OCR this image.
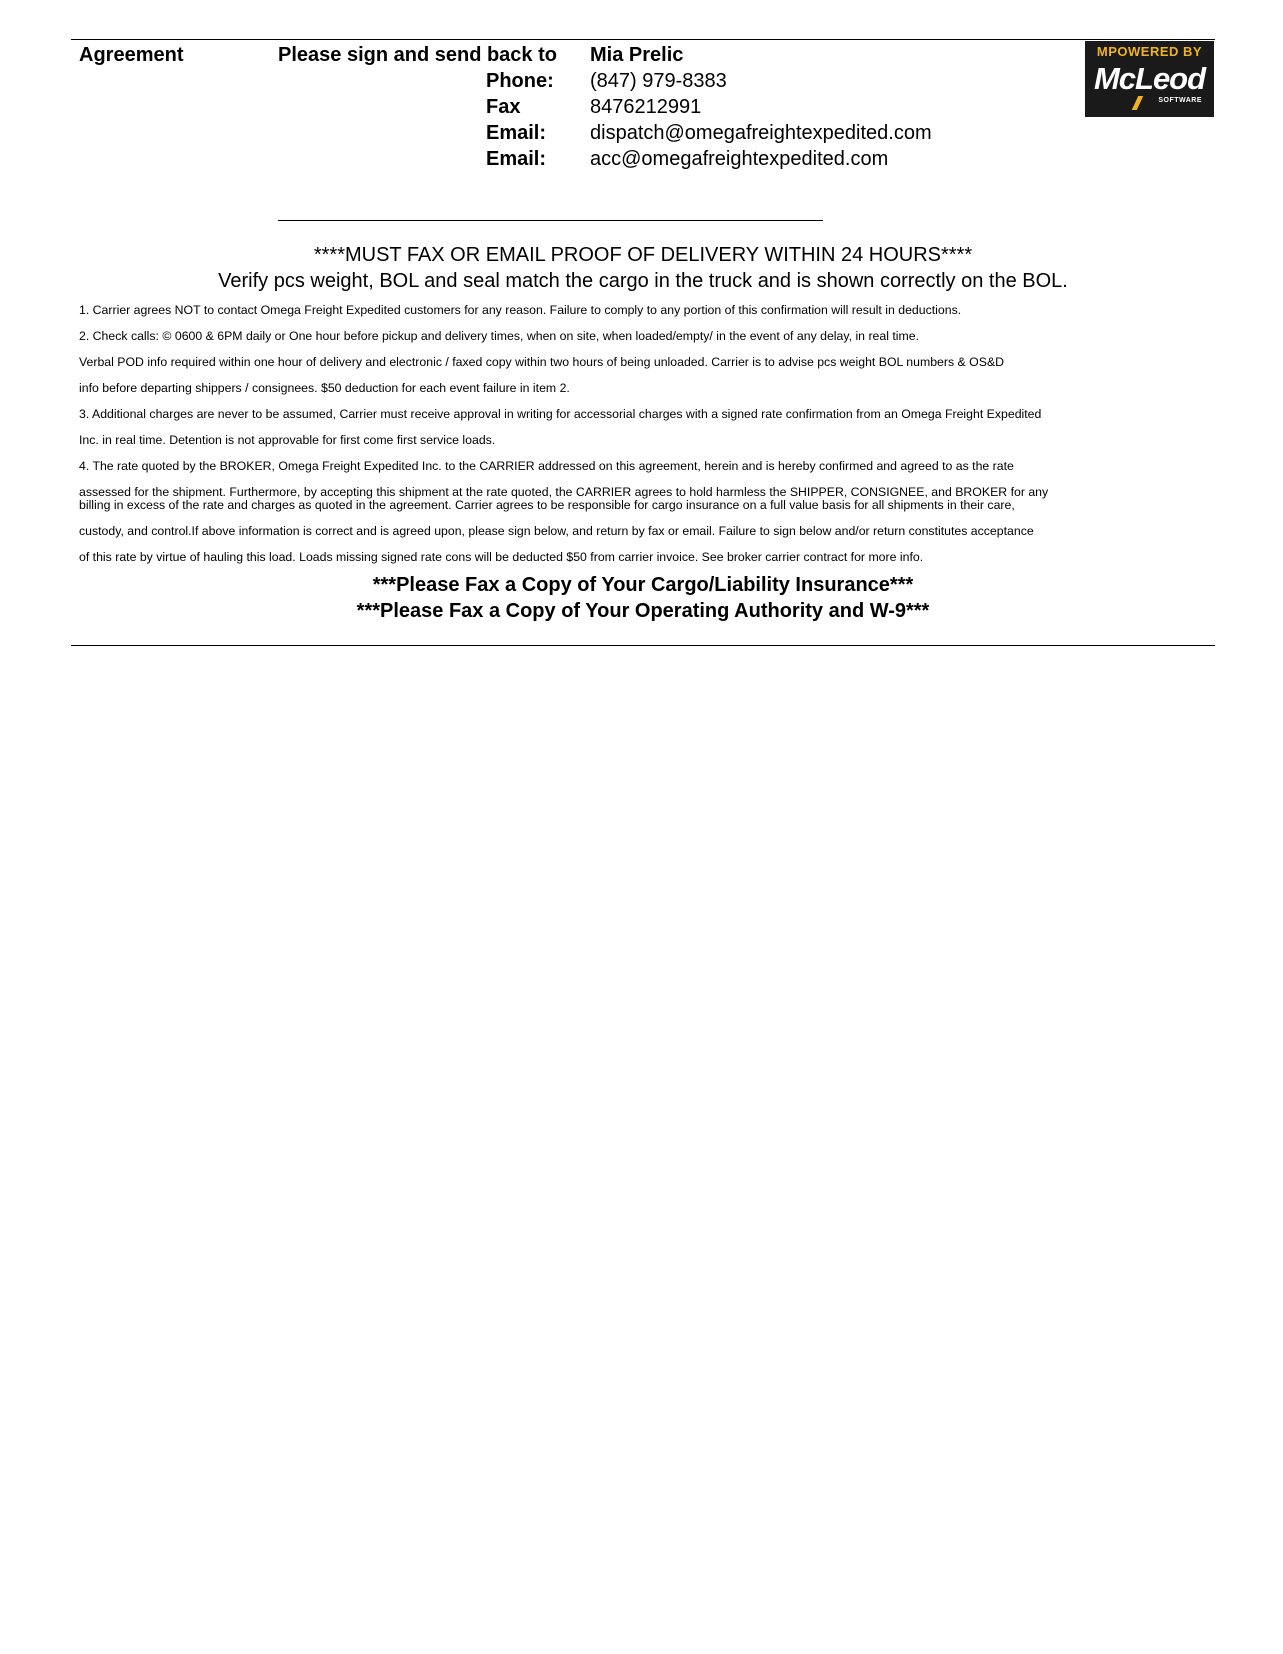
Agreement	Please sign and send back to Mia Prelic
Phone: (847) 979-8383
Fax	8476212991
Email: dispatch@omegafreightexpedited.com
Email: acc@omegafreightexpedited.com
MPOWERED BY
McLeod
SOFTWARE
****MUST FAX OR EMAIL PROOF OF DELIVERY WITHIN 24 HOURS****
Verify pcs weight, BOL and seal match the cargo in the truck and is shown correctly on the BOL.
1. Carrier agrees NOT to contact Omega Freight Expedited customers for any reason. Failure to comply to any portion of this confirmation will result in deductions.
2. Check calls: © 0600 & 6PM daily or One hour before pickup and delivery times, when on site, when loaded/empty/ in the event of any delay, in real time.
Verbal POD info required within one hour of delivery and electronic / faxed copy within two hours of being unloaded. Carrier is to advise pcs weight BOL numbers & OS&D
info before departing shippers / consignees. $50 deduction for each event failure in item 2.
3. Additional charges are never to be assumed, Carrier must receive approval in writing for accessorial charges with a signed rate confirmation from an Omega Freight Expedited
Inc. in real time. Detention is not approvable for first come first service loads.
4. The rate quoted by the BROKER, Omega Freight Expedited Inc. to the CARRIER addressed on this agreement, herein and is hereby confirmed and agreed to as the rate
assessed for the shipment. Furthermore, by accepting this shipment at the rate quoted, the CARRIER agrees to hold harmless the SHIPPER, CONSIGNEE, and BROKER for any
billing in excess of the rate and charges as quoted in the agreement. Carrier agrees to be responsible for cargo insurance on a full value basis for all shipments in their care,
custody, and control.If above information is correct and is agreed upon, please sign below, and return by fax or email. Failure to sign below and/or return constitutes acceptance
of this rate by virtue of hauling this load. Loads missing signed rate cons will be deducted $50 from carrier invoice. See broker carrier contract for more info.
***Please Fax a Copy of Your Cargo/Liability Insurance***
***Please Fax a Copy of Your Operating Authority and W-9***
